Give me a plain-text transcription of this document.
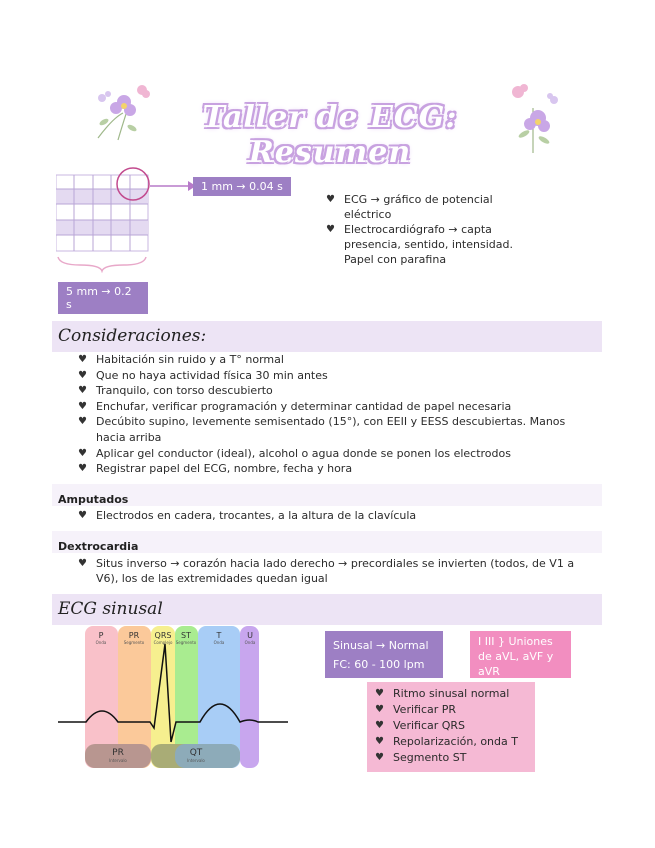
Taller de ECG: Resumen
1 mm → 0.04 s
5 mm → 0.2 s
♥ ECG → gráfico de potencial eléctrico
♥ Electrocardiógrafo → capta presencia, sentido, intensidad. Papel con parafina
Consideraciones:
♥ Habitación sin ruido y a T° normal
♥ Que no haya actividad física 30 min antes
♥ Tranquilo, con torso descubierto
♥ Enchufar, verificar programación y determinar cantidad de papel necesaria
♥ Decúbito supino, levemente semisentado (15°), con EEII y EESS descubiertas. Manos hacia arriba
♥ Aplicar gel conductor (ideal), alcohol o agua donde se ponen los electrodos
♥ Registrar papel del ECG, nombre, fecha y hora
Amputados
♥ Electrodos en cadera, trocantes, a la altura de la clavícula
Dextrocardia
♥ Situs inverso → corazón hacia lado derecho → precordiales se invierten (todos, de V1 a V6), los de las extremidades quedan igual
ECG sinusal
P
Onda
PR
Segmento
QRS
Complejo
ST
Segmento
T
Onda
U
Onda
PR
Intervalo
QT
Intervalo
Sinusal → Normal
FC: 60 - 100 lpm
I III } Uniones de aVL, aVF y aVR
♥ Ritmo sinusal normal
♥ Verificar PR
♥ Verificar QRS
♥ Repolarización, onda T
♥ Segmento ST
